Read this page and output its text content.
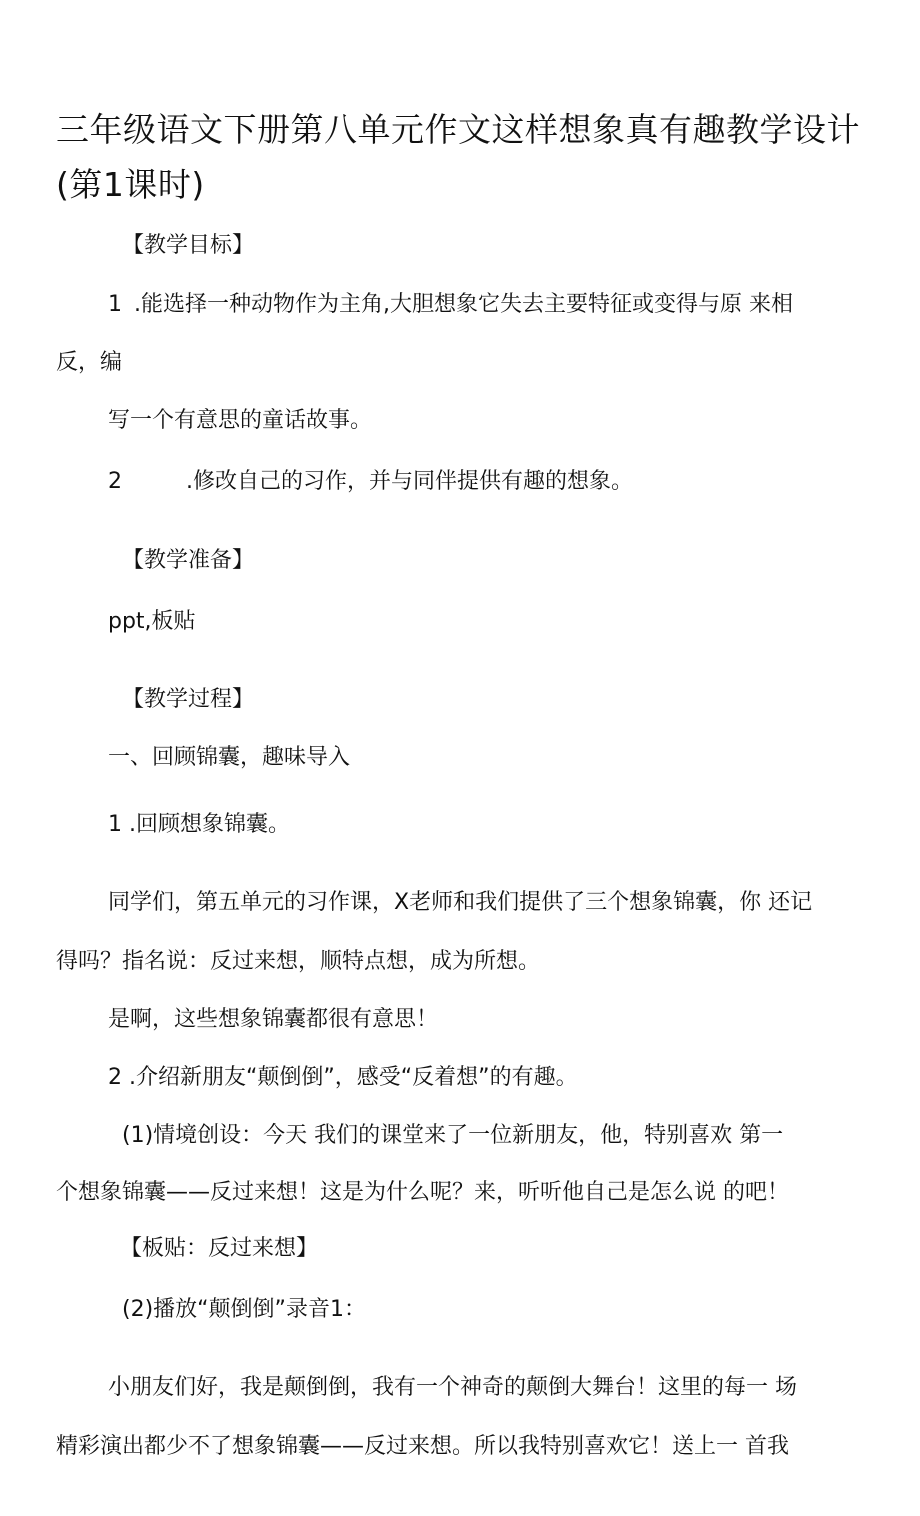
三年级语文下册第八单元作文这样想象真有趣教学设计
(第1课时)
【教学目标】
1 .能选择一种动物作为主角,大胆想象它失去主要特征或变得与原 来相
反，编
写一个有意思的童话故事。
2	.修改自己的习作，并与同伴提供有趣的想象。
【教学准备】
ppt,板贴
【教学过程】
一、回顾锦囊，趣味导入
1 .回顾想象锦囊。
同学们，第五单元的习作课，X老师和我们提供了三个想象锦囊，你 还记
得吗？指名说：反过来想，顺特点想，成为所想。
是啊，这些想象锦囊都很有意思！
2 .介绍新朋友“颠倒倒”，感受“反着想”的有趣。
(1)情境创设：今天 我们的课堂来了一位新朋友，他，特别喜欢 第一
个想象锦囊——反过来想！这是为什么呢？来，听听他自己是怎么说 的吧！
【板贴：反过来想】
(2)播放“颠倒倒”录音1：
小朋友们好，我是颠倒倒，我有一个神奇的颠倒大舞台！这里的每一 场
精彩演出都少不了想象锦囊——反过来想。所以我特别喜欢它！送上一 首我
